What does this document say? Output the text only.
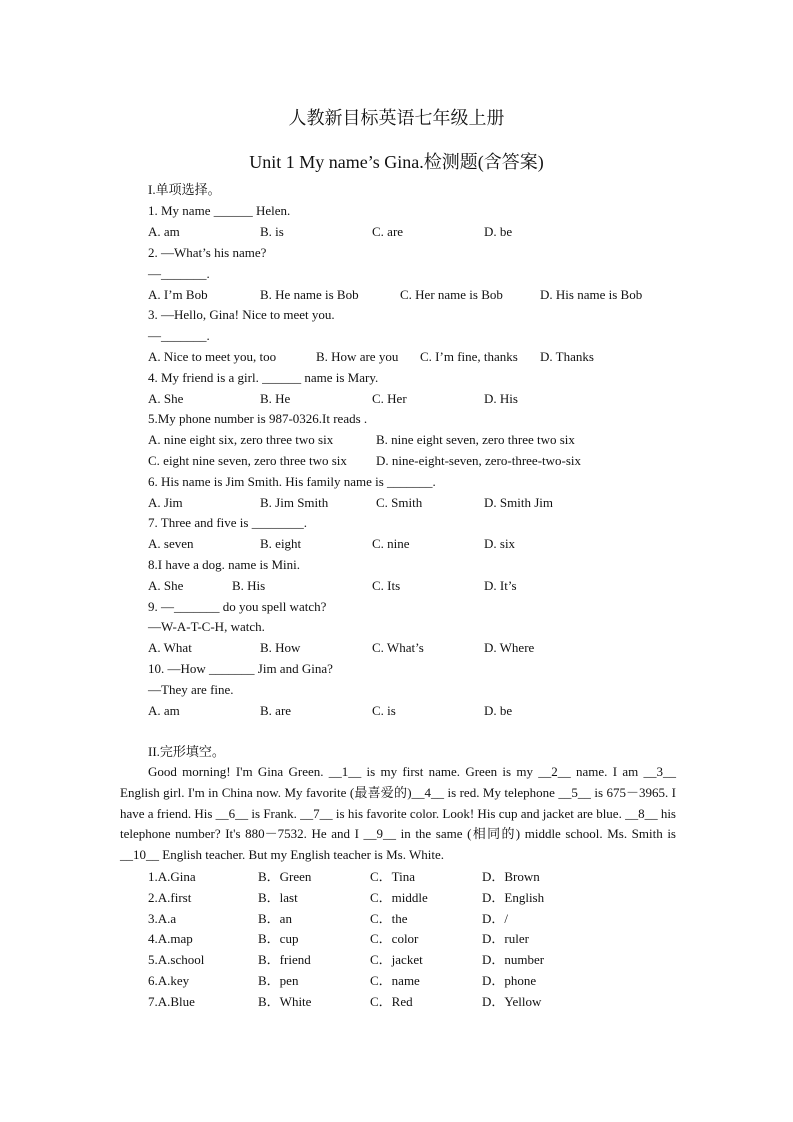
人教新目标英语七年级上册
Unit 1 My name’s Gina.检测题(含答案)
I.单项选择。
1. My name ______ Helen.
A. am	B. is	C. are	D. be
2. —What’s his name?
—_______.
A. I’m Bob	B. He name is Bob	C. Her name is Bob	D. His name is Bob
3. —Hello, Gina! Nice to meet you.
—_______.
A. Nice to meet you, too	B. How are you C. I’m fine, thanks D. Thanks
4. My friend is a girl. ______ name is Mary.
A. She	B. He	C. Her	D. His
5.My phone number is 987-0326.It reads .
A. nine eight six, zero three two six	B. nine eight seven, zero three two six
C. eight nine seven, zero three two six D. nine-eight-seven, zero-three-two-six
6. His name is Jim Smith. His family name is _______.
A. Jim	B. Jim Smith	C. Smith	D. Smith Jim
7. Three and five is ________.
A. seven	B. eight	C. nine	D. six
8.I have a dog. name is Mini.
A. She	B. His	C. Its	D. It’s
9. —_______ do you spell watch?
—W-A-T-C-H, watch.
A. What	B. How	C. What’s	D. Where
10. —How _______ Jim and Gina?
—They are fine.
A. am	B. are	C. is	D. be
II.完形填空。
Good morning! I'm Gina Green. __1__ is my first name. Green is my __2__ name. I am __3__ English girl. I'm in China now. My favorite (最喜爱的)__4__ is red. My telephone __5__ is 675－3965. I have a friend. His __6__ is Frank. __7__ is his favorite color. Look! His cup and jacket are blue. __8__ his telephone number? It's 880－7532. He and I __9__ in the same (相同的) middle school. Ms. Smith is __10__ English teacher. But my English teacher is Ms. White.
1.A.Gina	B．Green	C．Tina	D．Brown
2.A.first	B．last	C．middle	D．English
3.A.a	B．an	C．the	D．/
4.A.map	B．cup	C．color	D．ruler
5.A.school	B．friend	C．jacket	D．number
6.A.key	B．pen	C．name	D．phone
7.A.Blue	B．White	C．Red	D．Yellow
